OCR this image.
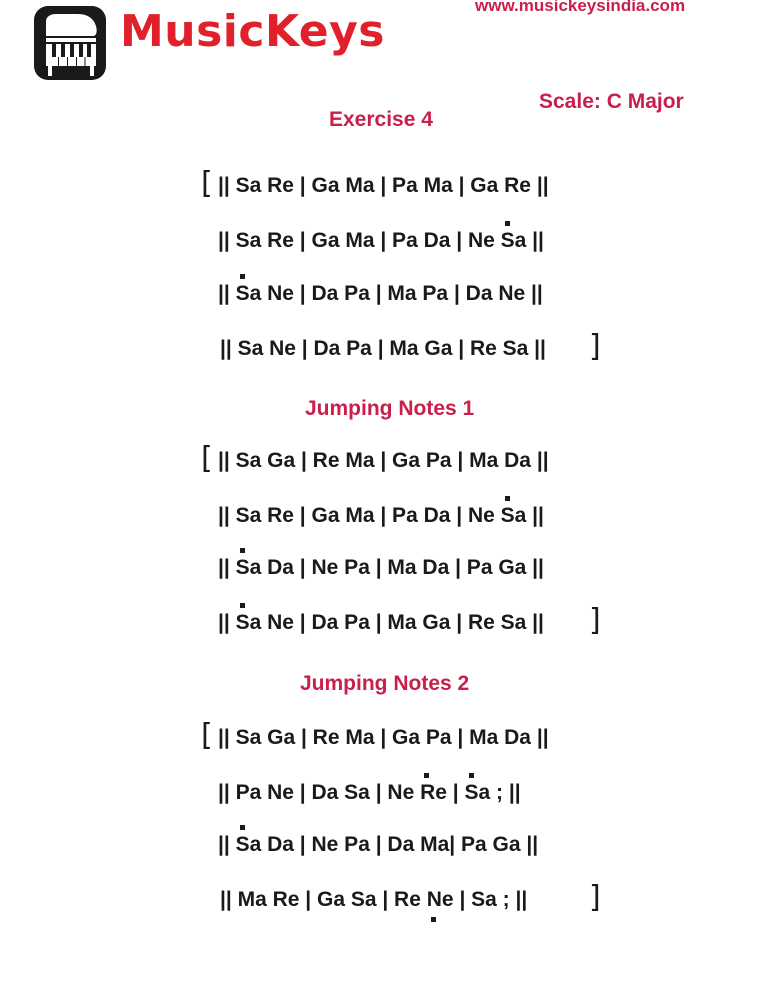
MusicKeys
www.musickeysindia.com
Scale: C Major
Exercise 4
[ || Sa Re | Ga Ma | Pa Ma | Ga Re ||
|| Sa Re | Ga Ma | Pa Da | Ne
Sa ||
||
Sa Ne | Da Pa | Ma Pa | Da Ne ||
|| Sa Ne | Da Pa | Ma Ga | Re Sa || ]
Jumping Notes 1
[ || Sa Ga | Re Ma | Ga Pa | Ma Da ||
|| Sa Re | Ga Ma | Pa Da | Ne
Sa ||
||
Sa Da | Ne Pa | Ma Da | Pa Ga ||
||
Sa Ne | Da Pa | Ma Ga | Re Sa || ]
Jumping Notes 2
[ || Sa Ga | Re Ma | Ga Pa | Ma Da ||
|| Pa Ne | Da Sa | Ne
Re |
Sa ; ||
||
Sa Da | Ne Pa | Da Ma| Pa Ga ||
|| Ma Re | Ga Sa | Re
Ne | Sa ; || ]
